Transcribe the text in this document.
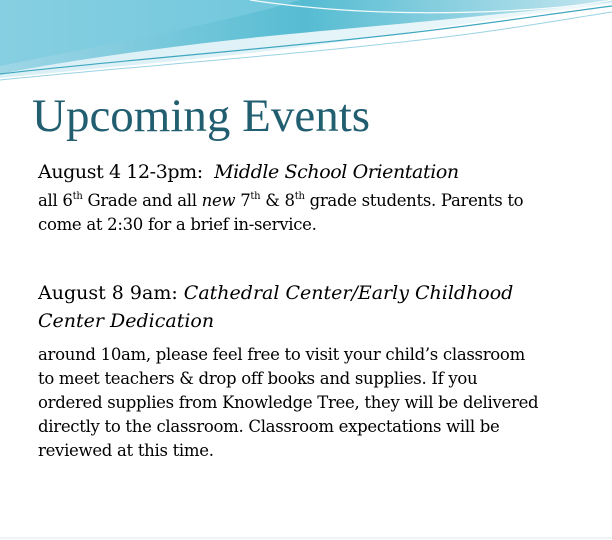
Upcoming Events

August 4 12-3pm: Middle School Orientation

all 6th Grade and all new 7th & 8th grade students. Parents to
come at 2:30 for a brief in-service.

August 8 9am: Cathedral Center/Early Childhood Center Dedication

around 10am, please feel free to visit your child’s classroom
to meet teachers & drop off books and supplies. If you
ordered supplies from Knowledge Tree, they will be delivered
directly to the classroom. Classroom expectations will be
reviewed at this time.
